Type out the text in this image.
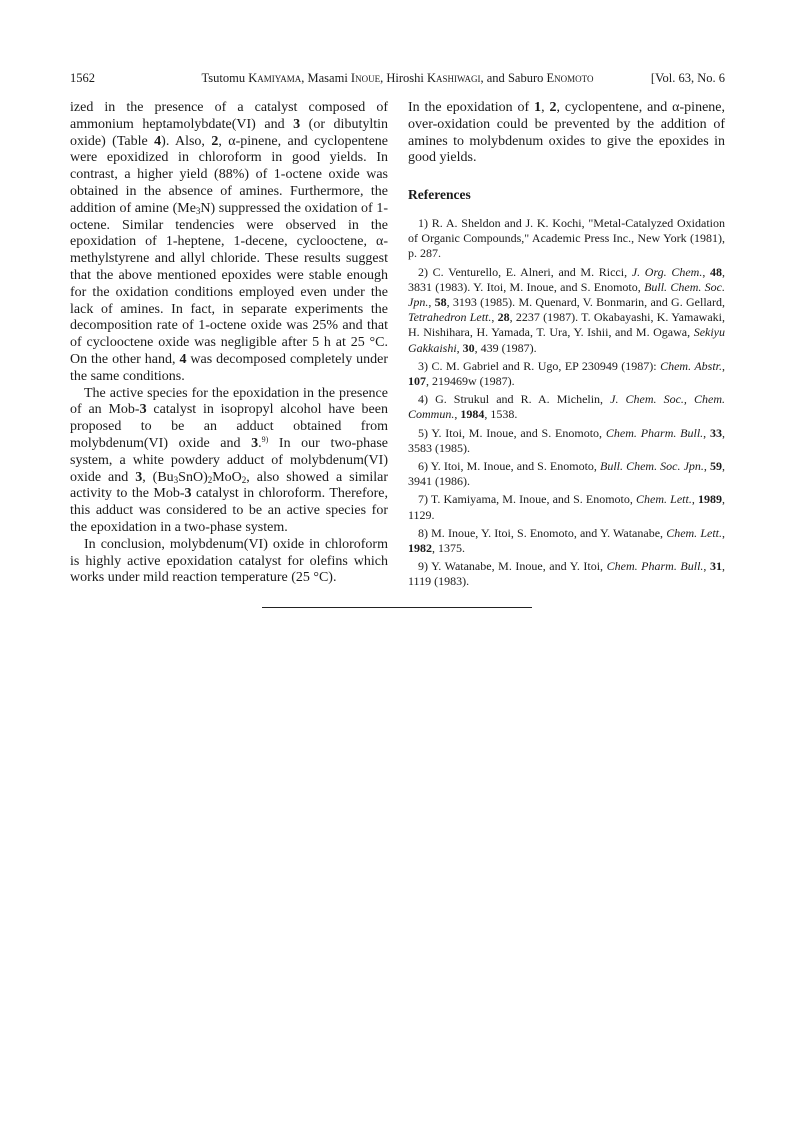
1562	Tsutomu Kamiyama, Masami Inoue, Hiroshi Kashiwagi, and Saburo Enomoto	[Vol. 63, No. 6

ized in the presence of a catalyst composed of ammonium heptamolybdate(VI) and 3 (or dibutyltin oxide) (Table 4). Also, 2, α-pinene, and cyclopentene were epoxidized in chloroform in good yields. In contrast, a higher yield (88%) of 1-octene oxide was obtained in the absence of amines. Furthermore, the addition of amine $(Me_3N)$ suppressed the oxidation of 1-octene. Similar tendencies were observed in the epoxidation of 1-heptene, 1-decene, cyclooctene, α-methylstyrene and allyl chloride. These results suggest that the above mentioned epoxides were stable enough for the oxidation conditions employed even under the lack of amines. In fact, in separate experiments the decomposition rate of 1-octene oxide was 25% and that of cyclooctene oxide was negligible after 5 h at 25 °C. On the other hand, 4 was decomposed completely under the same conditions.

The active species for the epoxidation in the presence of an Mob-3 catalyst in isopropyl alcohol have been proposed to be an adduct obtained from molybdenum(VI) oxide and 3.$^{9)}$ In our two-phase system, a white powdery adduct of molybdenum(VI) oxide and 3, $(Bu_3SnO)_2MoO_2$, also showed a similar activity to the Mob-3 catalyst in chloroform. Therefore, this adduct was considered to be an active species for the epoxidation in a two-phase system.

In conclusion, molybdenum(VI) oxide in chloroform is highly active epoxidation catalyst for olefins which works under mild reaction temperature (25 °C).

In the epoxidation of 1, 2, cyclopentene, and α-pinene, over-oxidation could be prevented by the addition of amines to molybdenum oxides to give the epoxides in good yields.

References
1) R. A. Sheldon and J. K. Kochi, "Metal-Catalyzed Oxidation of Organic Compounds," Academic Press Inc., New York (1981), p. 287.
2) C. Venturello, E. Alneri, and M. Ricci, J. Org. Chem., 48, 3831 (1983). Y. Itoi, M. Inoue, and S. Enomoto, Bull. Chem. Soc. Jpn., 58, 3193 (1985). M. Quenard, V. Bonmarin, and G. Gellard, Tetrahedron Lett., 28, 2237 (1987). T. Okabayashi, K. Yamawaki, H. Nishihara, H. Yamada, T. Ura, Y. Ishii, and M. Ogawa, Sekiyu Gakkaishi, 30, 439 (1987).
3) C. M. Gabriel and R. Ugo, EP 230949 (1987): Chem. Abstr., 107, 219469w (1987).
4) G. Strukul and R. A. Michelin, J. Chem. Soc., Chem. Commun., 1984, 1538.
5) Y. Itoi, M. Inoue, and S. Enomoto, Chem. Pharm. Bull., 33, 3583 (1985).
6) Y. Itoi, M. Inoue, and S. Enomoto, Bull. Chem. Soc. Jpn., 59, 3941 (1986).
7) T. Kamiyama, M. Inoue, and S. Enomoto, Chem. Lett., 1989, 1129.
8) M. Inoue, Y. Itoi, S. Enomoto, and Y. Watanabe, Chem. Lett., 1982, 1375.
9) Y. Watanabe, M. Inoue, and Y. Itoi, Chem. Pharm. Bull., 31, 1119 (1983).
